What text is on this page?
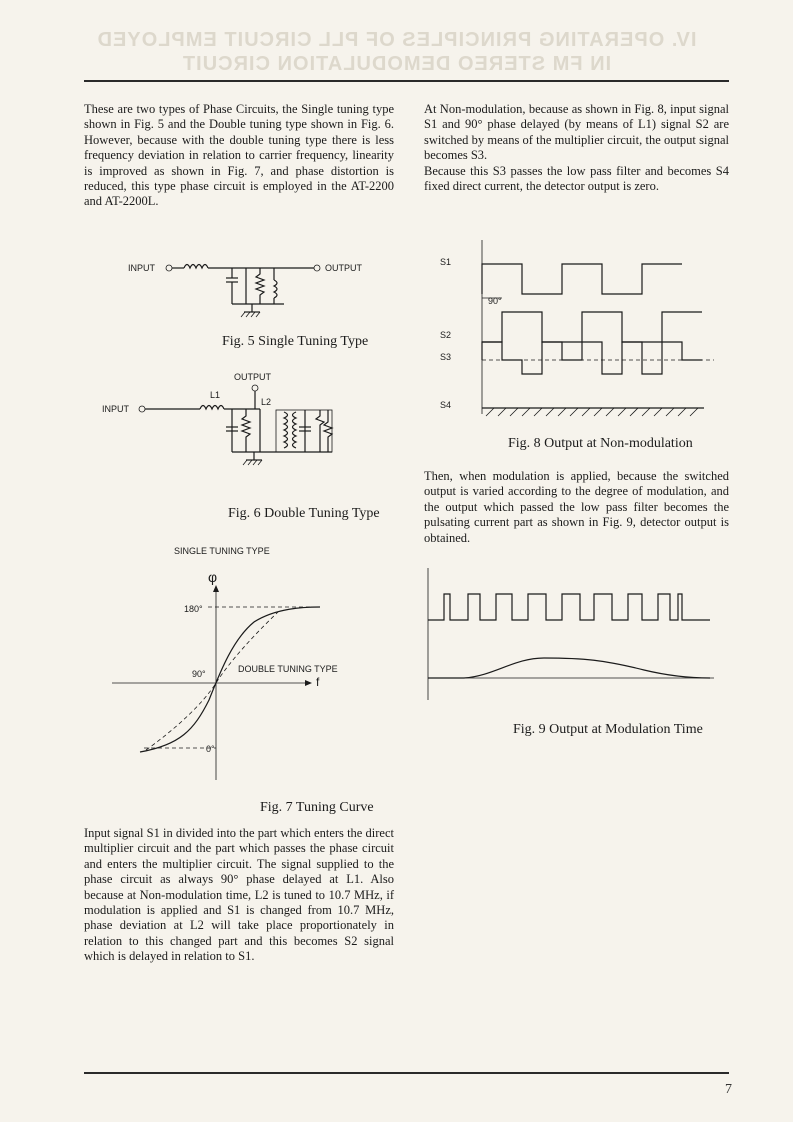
IV. OPERATING PRINCIPLES OF PLL CIRCUIT EMPLOYED
IN FM STEREO DEMODULATION CIRCUIT

These are two types of Phase Circuits, the Single tuning type shown in Fig. 5 and the Double tuning type shown in Fig. 6. However, because with the double tuning type there is less frequency deviation in relation to carrier frequency, linearity is improved as shown in Fig. 7, and phase distortion is reduced, this type phase circuit is employed in the AT-2200 and AT-2200L.

INPUT	OUTPUT
Fig. 5 Single Tuning Type
OUTPUT
L1
L2
INPUT
Fig. 6 Double Tuning Type
SINGLE TUNING TYPE
φ
f
180°
90°
0°
DOUBLE TUNING TYPE
Fig. 7 Tuning Curve

Input signal S1 in divided into the part which enters the direct multiplier circuit and the part which passes the phase circuit and enters the multiplier circuit. The signal supplied to the phase circuit as always 90° phase delayed at L1. Also because at Non-modulation time, L2 is tuned to 10.7 MHz, if modulation is applied and S1 is changed from 10.7 MHz, phase deviation at L2 will take place proportionately in relation to this changed part and this becomes S2 signal which is delayed in relation to S1.

At Non-modulation, because as shown in Fig. 8, input signal S1 and 90° phase delayed (by means of L1) signal S2 are switched by means of the multiplier circuit, the output signal becomes S3.

Because this S3 passes the low pass filter and becomes S4 fixed direct current, the detector output is zero.

S1
90°
S2
S3
S4
Fig. 8 Output at Non-modulation

Then, when modulation is applied, because the switched output is varied according to the degree of modulation, and the output which passed the low pass filter becomes the pulsating current part as shown in Fig. 9, detector output is obtained.

Fig. 9 Output at Modulation Time
7
